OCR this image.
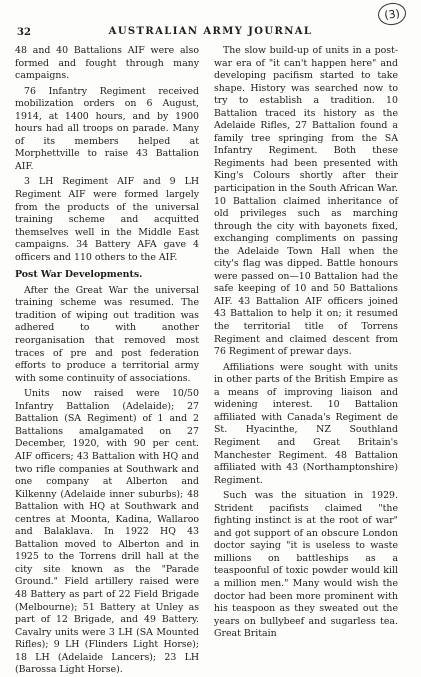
32	AUSTRALIAN ARMY JOURNAL
(3)

48 and 40 Battalions AIF were also formed and fought through many campaigns.

76 Infantry Regiment received mobilization orders on 6 August, 1914, at 1400 hours, and by 1900 hours had all troops on parade. Many of its members helped at Morphettville to raise 43 Battalion AIF.

3 LH Regiment AIF and 9 LH Regiment AIF were formed largely from the products of the universal training scheme and acquitted themselves well in the Middle East campaigns. 34 Battery AFA gave 4 officers and 110 others to the AIF.

Post War Developments.

After the Great War the universal training scheme was resumed. The tradition of wiping out tradition was adhered to with another reorganisation that removed most traces of pre and post federation efforts to produce a territorial army with some continuity of associations.

Units now raised were 10/50 Infantry Battalion (Adelaide); 27 Battalion (SA Regiment) of 1 and 2 Battalions amalgamated on 27 December, 1920, with 90 per cent. AIF officers; 43 Battalion with HQ and two rifle companies at Southwark and one company at Alberton and Kilkenny (Adelaide inner suburbs); 48 Battalion with HQ at Southwark and centres at Moonta, Kadina, Wallaroo and Balaklava. In 1922 HQ 43 Battalion moved to Alberton and in 1925 to the Torrens drill hall at the city site known as the "Parade Ground." Field artillery raised were 48 Battery as part of 22 Field Brigade (Melbourne); 51 Battery at Unley as part of 12 Brigade, and 49 Battery. Cavalry units were 3 LH (SA Mounted Rifles); 9 LH (Flinders Light Horse); 18 LH (Adelaide Lancers); 23 LH (Barossa Light Horse).

The slow build-up of units in a post-war era of "it can't happen here" and developing pacifism started to take shape. History was searched now to try to establish a tradition. 10 Battalion traced its history as the Adelaide Rifles, 27 Battalion found a family tree springing from the SA Infantry Regiment. Both these Regiments had been presented with King's Colours shortly after their participation in the South African War. 10 Battalion claimed inheritance of old privileges such as marching through the city with bayonets fixed, exchanging compliments on passing the Adelaide Town Hall when the city's flag was dipped. Battle honours were passed on—10 Battalion had the safe keeping of 10 and 50 Battalions AIF. 43 Battalion AIF officers joined 43 Battalion to help it on; it resumed the territorial title of Torrens Regiment and claimed descent from 76 Regiment of prewar days.

Affiliations were sought with units in other parts of the British Empire as a means of improving liaison and widening interest. 10 Battalion affiliated with Canada's Regiment de St. Hyacinthe, NZ Southland Regiment and Great Britain's Manchester Regiment. 48 Battalion affiliated with 43 (Northamptonshire) Regiment.

Such was the situation in 1929. Strident pacifists claimed "the fighting instinct is at the root of war" and got support of an obscure London doctor saying "it is useless to waste millions on battleships as a teaspoonful of toxic powder would kill a million men." Many would wish the doctor had been more prominent with his teaspoon as they sweated out the years on bullybeef and sugarless tea. Great Britain
